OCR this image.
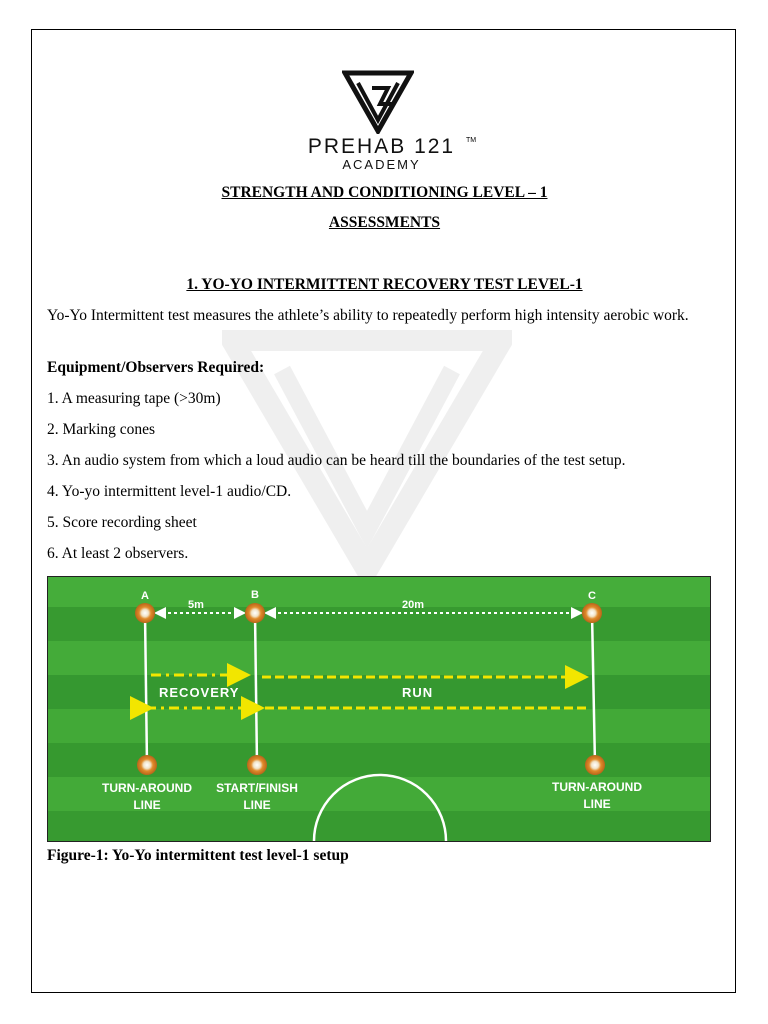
PREHAB 121	TM
ACADEMY
STRENGTH AND CONDITIONING LEVEL – 1
ASSESSMENTS
1. YO-YO INTERMITTENT RECOVERY TEST LEVEL-1
Yo-Yo Intermittent test measures the athlete’s ability to repeatedly perform high intensity aerobic work.
Equipment/Observers Required:
1. A measuring tape (>30m)
2. Marking cones
3. An audio system from which a loud audio can be heard till the boundaries of the test setup.
4. Yo-yo intermittent level-1 audio/CD.
5. Score recording sheet
6. At least 2 observers.
A	B	C
5m	20m
RECOVERY	RUN
TURN-AROUND
LINE
START/FINISH
LINE
TURN-AROUND
LINE
Figure-1: Yo-Yo intermittent test level-1 setup
